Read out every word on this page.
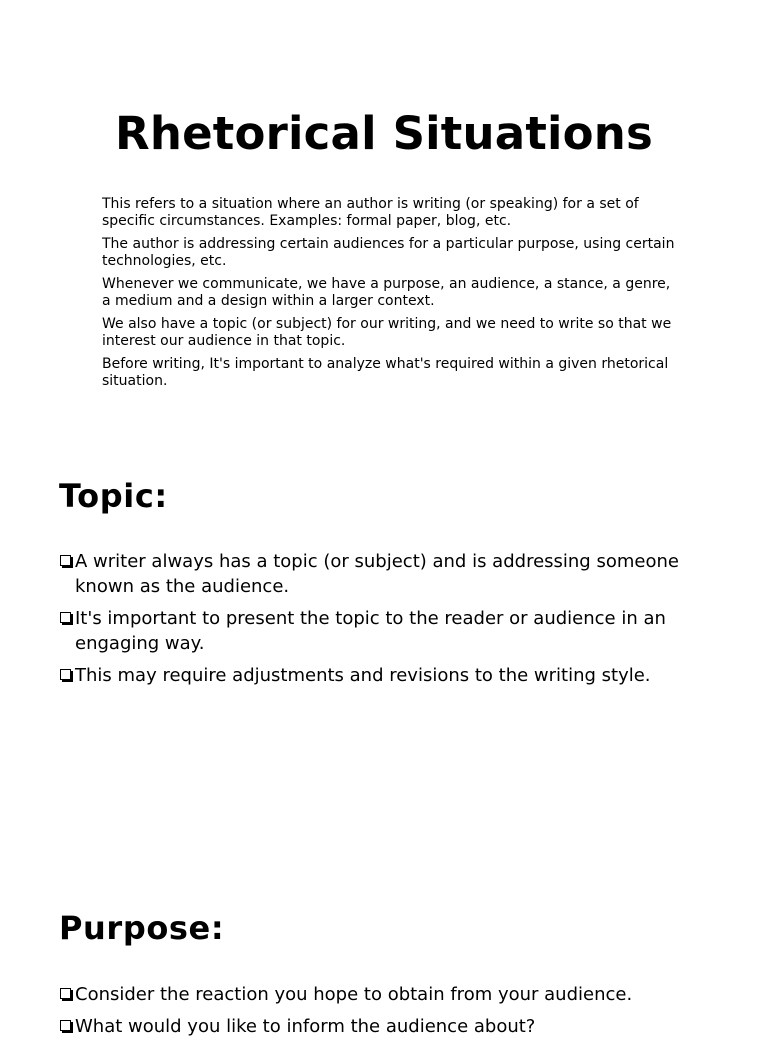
Rhetorical Situations

This refers to a situation where an author is writing (or speaking) for a set of specific circumstances. Examples: formal paper, blog, etc.

The author is addressing certain audiences for a particular purpose, using certain technologies, etc.

Whenever we communicate, we have a purpose, an audience, a stance, a genre, a medium and a design within a larger context.

We also have a topic (or subject) for our writing, and we need to write so that we interest our audience in that topic.

Before writing, It's important to analyze what's required within a given rhetorical situation.

Topic:
A writer always has a topic (or subject) and is addressing someone known as the audience.
It's important to present the topic to the reader or audience in an engaging way.
This may require adjustments and revisions to the writing style.
Purpose:
Consider the reaction you hope to obtain from your audience.
What would you like to inform the audience about?
